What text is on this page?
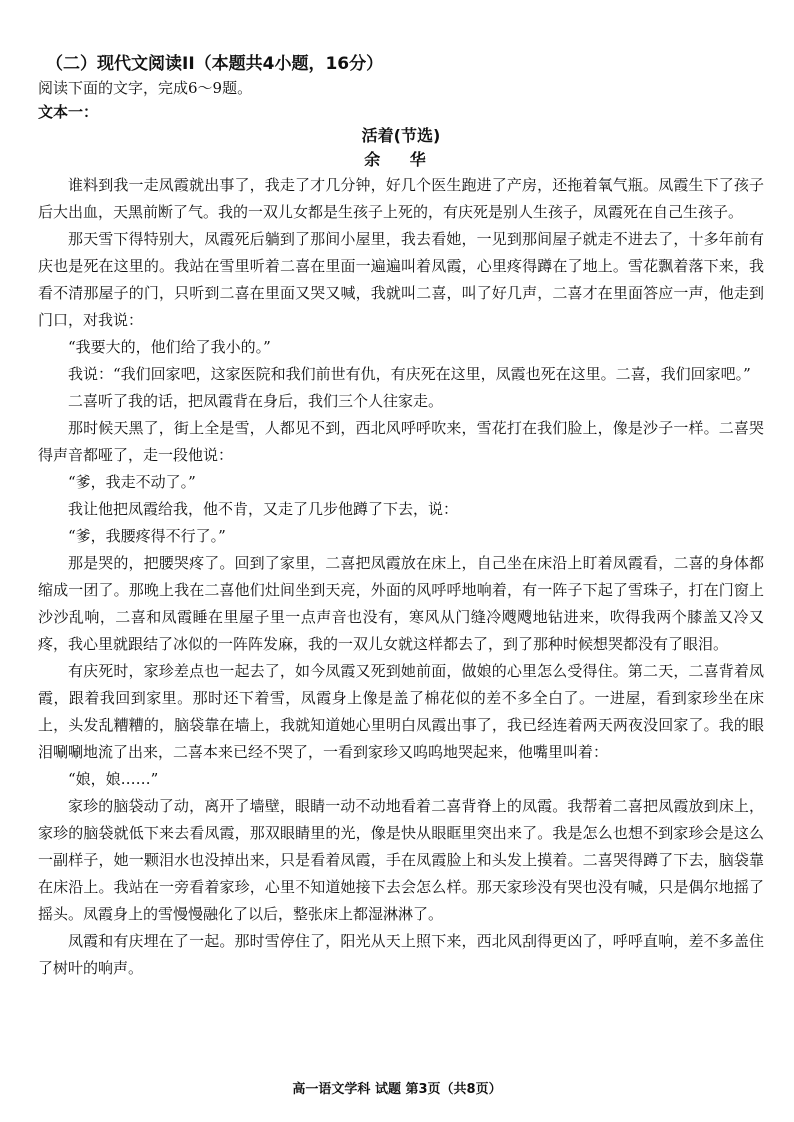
（二）现代文阅读II（本题共4小题，16分）

阅读下面的文字，完成6～9题。

文本一：

活着(节选)

余 华

谁料到我一走凤霞就出事了，我走了才几分钟，好几个医生跑进了产房，还拖着氧气瓶。凤霞生下了孩子后大出血，天黑前断了气。我的一双儿女都是生孩子上死的，有庆死是别人生孩子，凤霞死在自己生孩子。

那天雪下得特别大，凤霞死后躺到了那间小屋里，我去看她，一见到那间屋子就走不进去了，十多年前有庆也是死在这里的。我站在雪里听着二喜在里面一遍遍叫着凤霞，心里疼得蹲在了地上。雪花飘着落下来，我看不清那屋子的门，只听到二喜在里面又哭又喊，我就叫二喜，叫了好几声，二喜才在里面答应一声，他走到门口，对我说：

“我要大的，他们给了我小的。”

我说：“我们回家吧，这家医院和我们前世有仇，有庆死在这里，凤霞也死在这里。二喜，我们回家吧。”

二喜听了我的话，把凤霞背在身后，我们三个人往家走。

那时候天黑了，街上全是雪，人都见不到，西北风呼呼吹来，雪花打在我们脸上，像是沙子一样。二喜哭得声音都哑了，走一段他说：

“爹，我走不动了。”

我让他把凤霞给我，他不肯，又走了几步他蹲了下去，说：

“爹，我腰疼得不行了。”

那是哭的，把腰哭疼了。回到了家里，二喜把凤霞放在床上，自己坐在床沿上盯着凤霞看，二喜的身体都缩成一团了。那晚上我在二喜他们灶间坐到天亮，外面的风呼呼地响着，有一阵子下起了雪珠子，打在门窗上沙沙乱响，二喜和凤霞睡在里屋子里一点声音也没有，寒风从门缝冷飕飕地钻进来，吹得我两个膝盖又冷又疼，我心里就跟结了冰似的一阵阵发麻，我的一双儿女就这样都去了，到了那种时候想哭都没有了眼泪。

有庆死时，家珍差点也一起去了，如今凤霞又死到她前面，做娘的心里怎么受得住。第二天，二喜背着凤霞，跟着我回到家里。那时还下着雪，凤霞身上像是盖了棉花似的差不多全白了。一进屋，看到家珍坐在床上，头发乱糟糟的，脑袋靠在墙上，我就知道她心里明白凤霞出事了，我已经连着两天两夜没回家了。我的眼泪唰唰地流了出来，二喜本来已经不哭了，一看到家珍又呜呜地哭起来，他嘴里叫着：

“娘，娘……”

家珍的脑袋动了动，离开了墙壁，眼睛一动不动地看着二喜背脊上的凤霞。我帮着二喜把凤霞放到床上，家珍的脑袋就低下来去看凤霞，那双眼睛里的光，像是快从眼眶里突出来了。我是怎么也想不到家珍会是这么一副样子，她一颗泪水也没掉出来，只是看着凤霞，手在凤霞脸上和头发上摸着。二喜哭得蹲了下去，脑袋靠在床沿上。我站在一旁看着家珍，心里不知道她接下去会怎么样。那天家珍没有哭也没有喊，只是偶尔地摇了摇头。凤霞身上的雪慢慢融化了以后，整张床上都湿淋淋了。

凤霞和有庆埋在了一起。那时雪停住了，阳光从天上照下来，西北风刮得更凶了，呼呼直响，差不多盖住了树叶的响声。

高一语文学科 试题 第3页（共8页）
